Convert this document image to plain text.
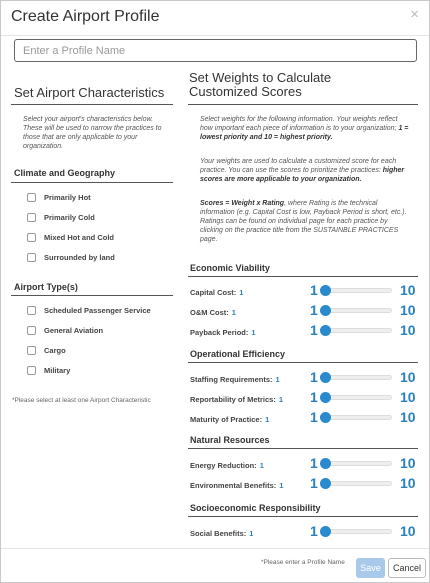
Create Airport Profile	×
Enter a Profile Name
Set Airport Characteristics
Select your airport's characteristics below. These will be used to narrow the practices to those that are only applicable to your organization.
Climate and Geography
Primarily Hot
Primarily Cold
Mixed Hot and Cold
Surrounded by land
Airport Type(s)
Scheduled Passenger Service
General Aviation
Cargo
Military
*Please select at least one Airport Characteristic
Set Weights to Calculate
Customized Scores
Select weights for the following information. Your weights reflect how important each piece of information is to your organization; 1 = lowest priority and 10 = highest priority.
Your weights are used to calculate a customized score for each practice. You can use the scores to prioritize the practices: higher scores are more applicable to your organization.
Scores = Weight x Rating, where Rating is the technical information (e.g. Capital Cost is low, Payback Period is short, etc.). Ratings can be found on individual page for each practice by clicking on the practice title from the SUSTAINBLE PRACTICES page.
Economic Viability
Capital Cost: 1	1	10
O&M Cost: 1	1	10
Payback Period: 1	1	10
Operational Efficiency
Staffing Requirements: 1 1	10
Reportability of Metrics: 1 1	10
Maturity of Practice: 1	1	10
Natural Resources
Energy Reduction: 1	1	10
Environmental Benefits: 1 1	10
Socioeconomic Responsibility
Social Benefits: 1	1	10
*Please enter a Profile Name
Save	Cancel
